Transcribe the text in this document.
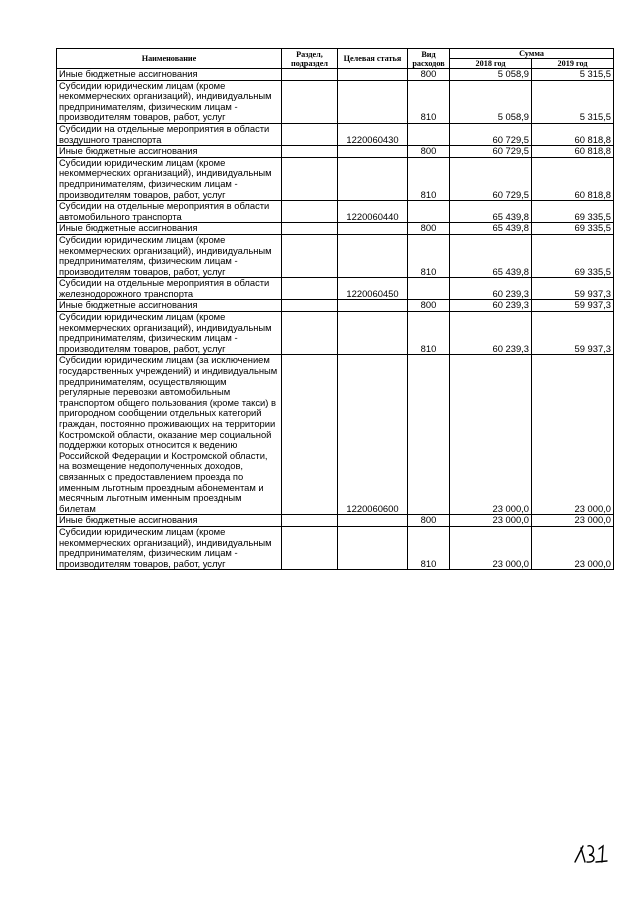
Наименование	Раздел, подраздел	Целевая статья	Вид расходов	Сумма	
				2018 год	2019 год
Иные бюджетные ассигнования			800	5 058,9	5 315,5
Субсидии юридическим лицам (кроме некоммерческих организаций), индивидуальным предпринимателям, физическим лицам - производителям товаров, работ, услуг			810	5 058,9	5 315,5
Субсидии на отдельные мероприятия в области воздушного транспорта		1220060430		60 729,5	60 818,8
Иные бюджетные ассигнования			800	60 729,5	60 818,8
Субсидии юридическим лицам (кроме некоммерческих организаций), индивидуальным предпринимателям, физическим лицам - производителям товаров, работ, услуг			810	60 729,5	60 818,8
Субсидии на отдельные мероприятия в области автомобильного транспорта		1220060440		65 439,8	69 335,5
Иные бюджетные ассигнования			800	65 439,8	69 335,5
Субсидии юридическим лицам (кроме некоммерческих организаций), индивидуальным предпринимателям, физическим лицам - производителям товаров, работ, услуг			810	65 439,8	69 335,5
Субсидии на отдельные мероприятия в области железнодорожного транспорта		1220060450		60 239,3	59 937,3
Иные бюджетные ассигнования			800	60 239,3	59 937,3
Субсидии юридическим лицам (кроме некоммерческих организаций), индивидуальным предпринимателям, физическим лицам - производителям товаров, работ, услуг			810	60 239,3	59 937,3
Субсидии юридическим лицам (за исключением государственных учреждений) и индивидуальным предпринимателям, осуществляющим регулярные перевозки автомобильным транспортом общего пользования (кроме такси) в пригородном сообщении отдельных категорий граждан, постоянно проживающих на территории Костромской области, оказание мер социальной поддержки которых относится к ведению Российской Федерации и Костромской области, на возмещение недополученных доходов, связанных с предоставлением проезда по именным льготным проездным абонементам и месячным льготным именным проездным билетам		1220060600		23 000,0	23 000,0
Иные бюджетные ассигнования			800	23 000,0	23 000,0
Субсидии юридическим лицам (кроме некоммерческих организаций), индивидуальным предпринимателям, физическим лицам - производителям товаров, работ, услуг			810	23 000,0	23 000,0
